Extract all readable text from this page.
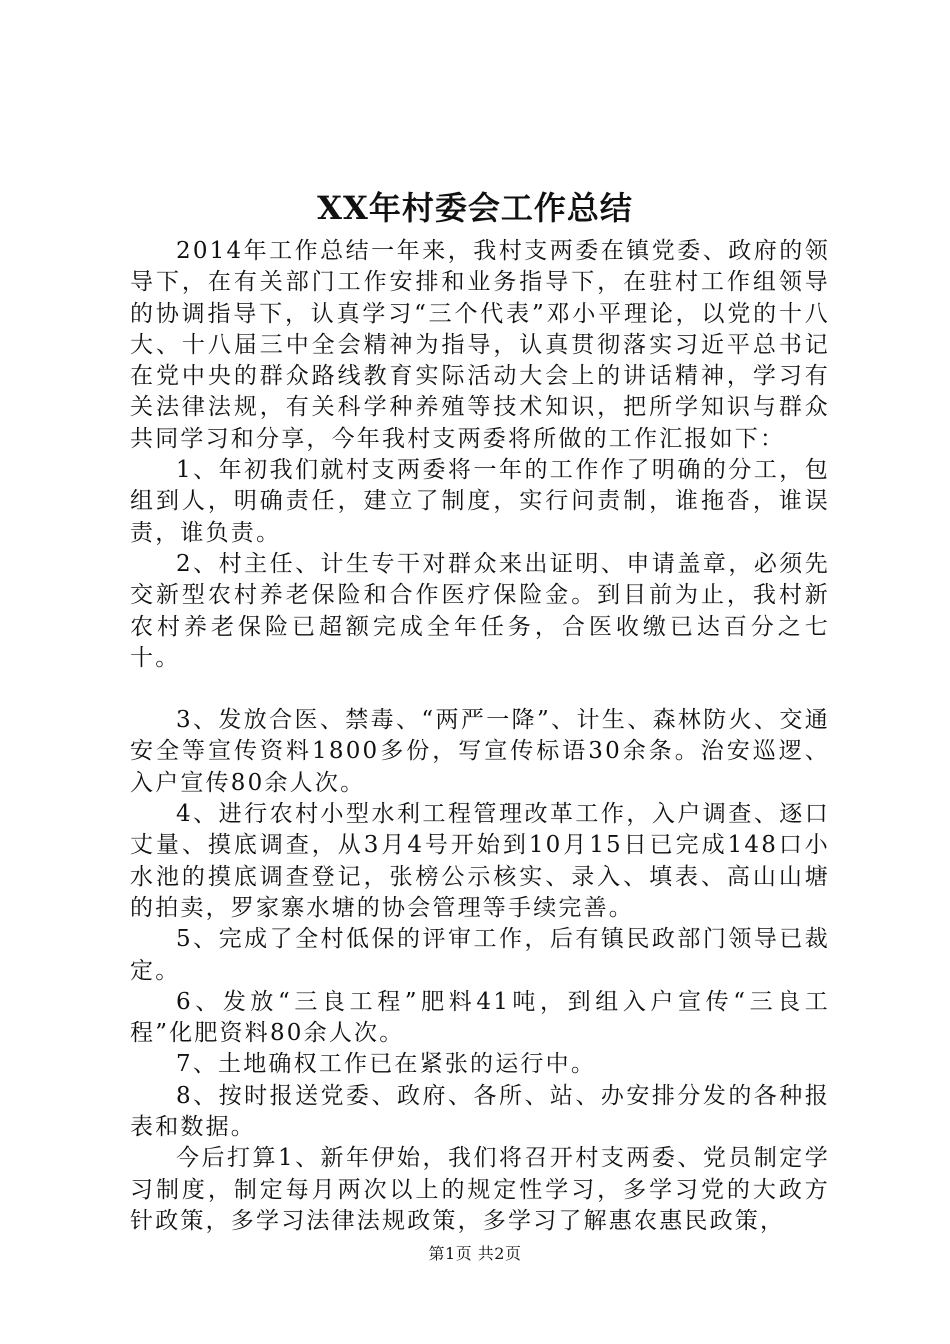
XX年村委会工作总结

2014年工作总结一年来，我村支两委在镇党委、政府的领导下，在有关部门工作安排和业务指导下，在驻村工作组领导的协调指导下，认真学习“三个代表”邓小平理论，以党的十八大、十八届三中全会精神为指导，认真贯彻落实习近平总书记在党中央的群众路线教育实际活动大会上的讲话精神，学习有关法律法规，有关科学种养殖等技术知识，把所学知识与群众共同学习和分享，今年我村支两委将所做的工作汇报如下：

1、年初我们就村支两委将一年的工作作了明确的分工，包组到人，明确责任，建立了制度，实行问责制，谁拖沓，谁误责，谁负责。

2、村主任、计生专干对群众来出证明、申请盖章，必须先交新型农村养老保险和合作医疗保险金。到目前为止，我村新农村养老保险已超额完成全年任务，合医收缴已达百分之七十。

3、发放合医、禁毒、“两严一降”、计生、森林防火、交通安全等宣传资料1800多份，写宣传标语30余条。治安巡逻、入户宣传80余人次。

4、进行农村小型水利工程管理改革工作，入户调查、逐口丈量、摸底调查，从3月4号开始到10月15日已完成148口小水池的摸底调查登记，张榜公示核实、录入、填表、高山山塘的拍卖，罗家寨水塘的协会管理等手续完善。

5、完成了全村低保的评审工作，后有镇民政部门领导已裁定。

6、发放“三良工程”肥料41吨，到组入户宣传“三良工程”化肥资料80余人次。

7、土地确权工作已在紧张的运行中。

8、按时报送党委、政府、各所、站、办安排分发的各种报表和数据。

今后打算1、新年伊始，我们将召开村支两委、党员制定学习制度，制定每月两次以上的规定性学习，多学习党的大政方针政策，多学习法律法规政策，多学习了解惠农惠民政策，

第1页 共2页
